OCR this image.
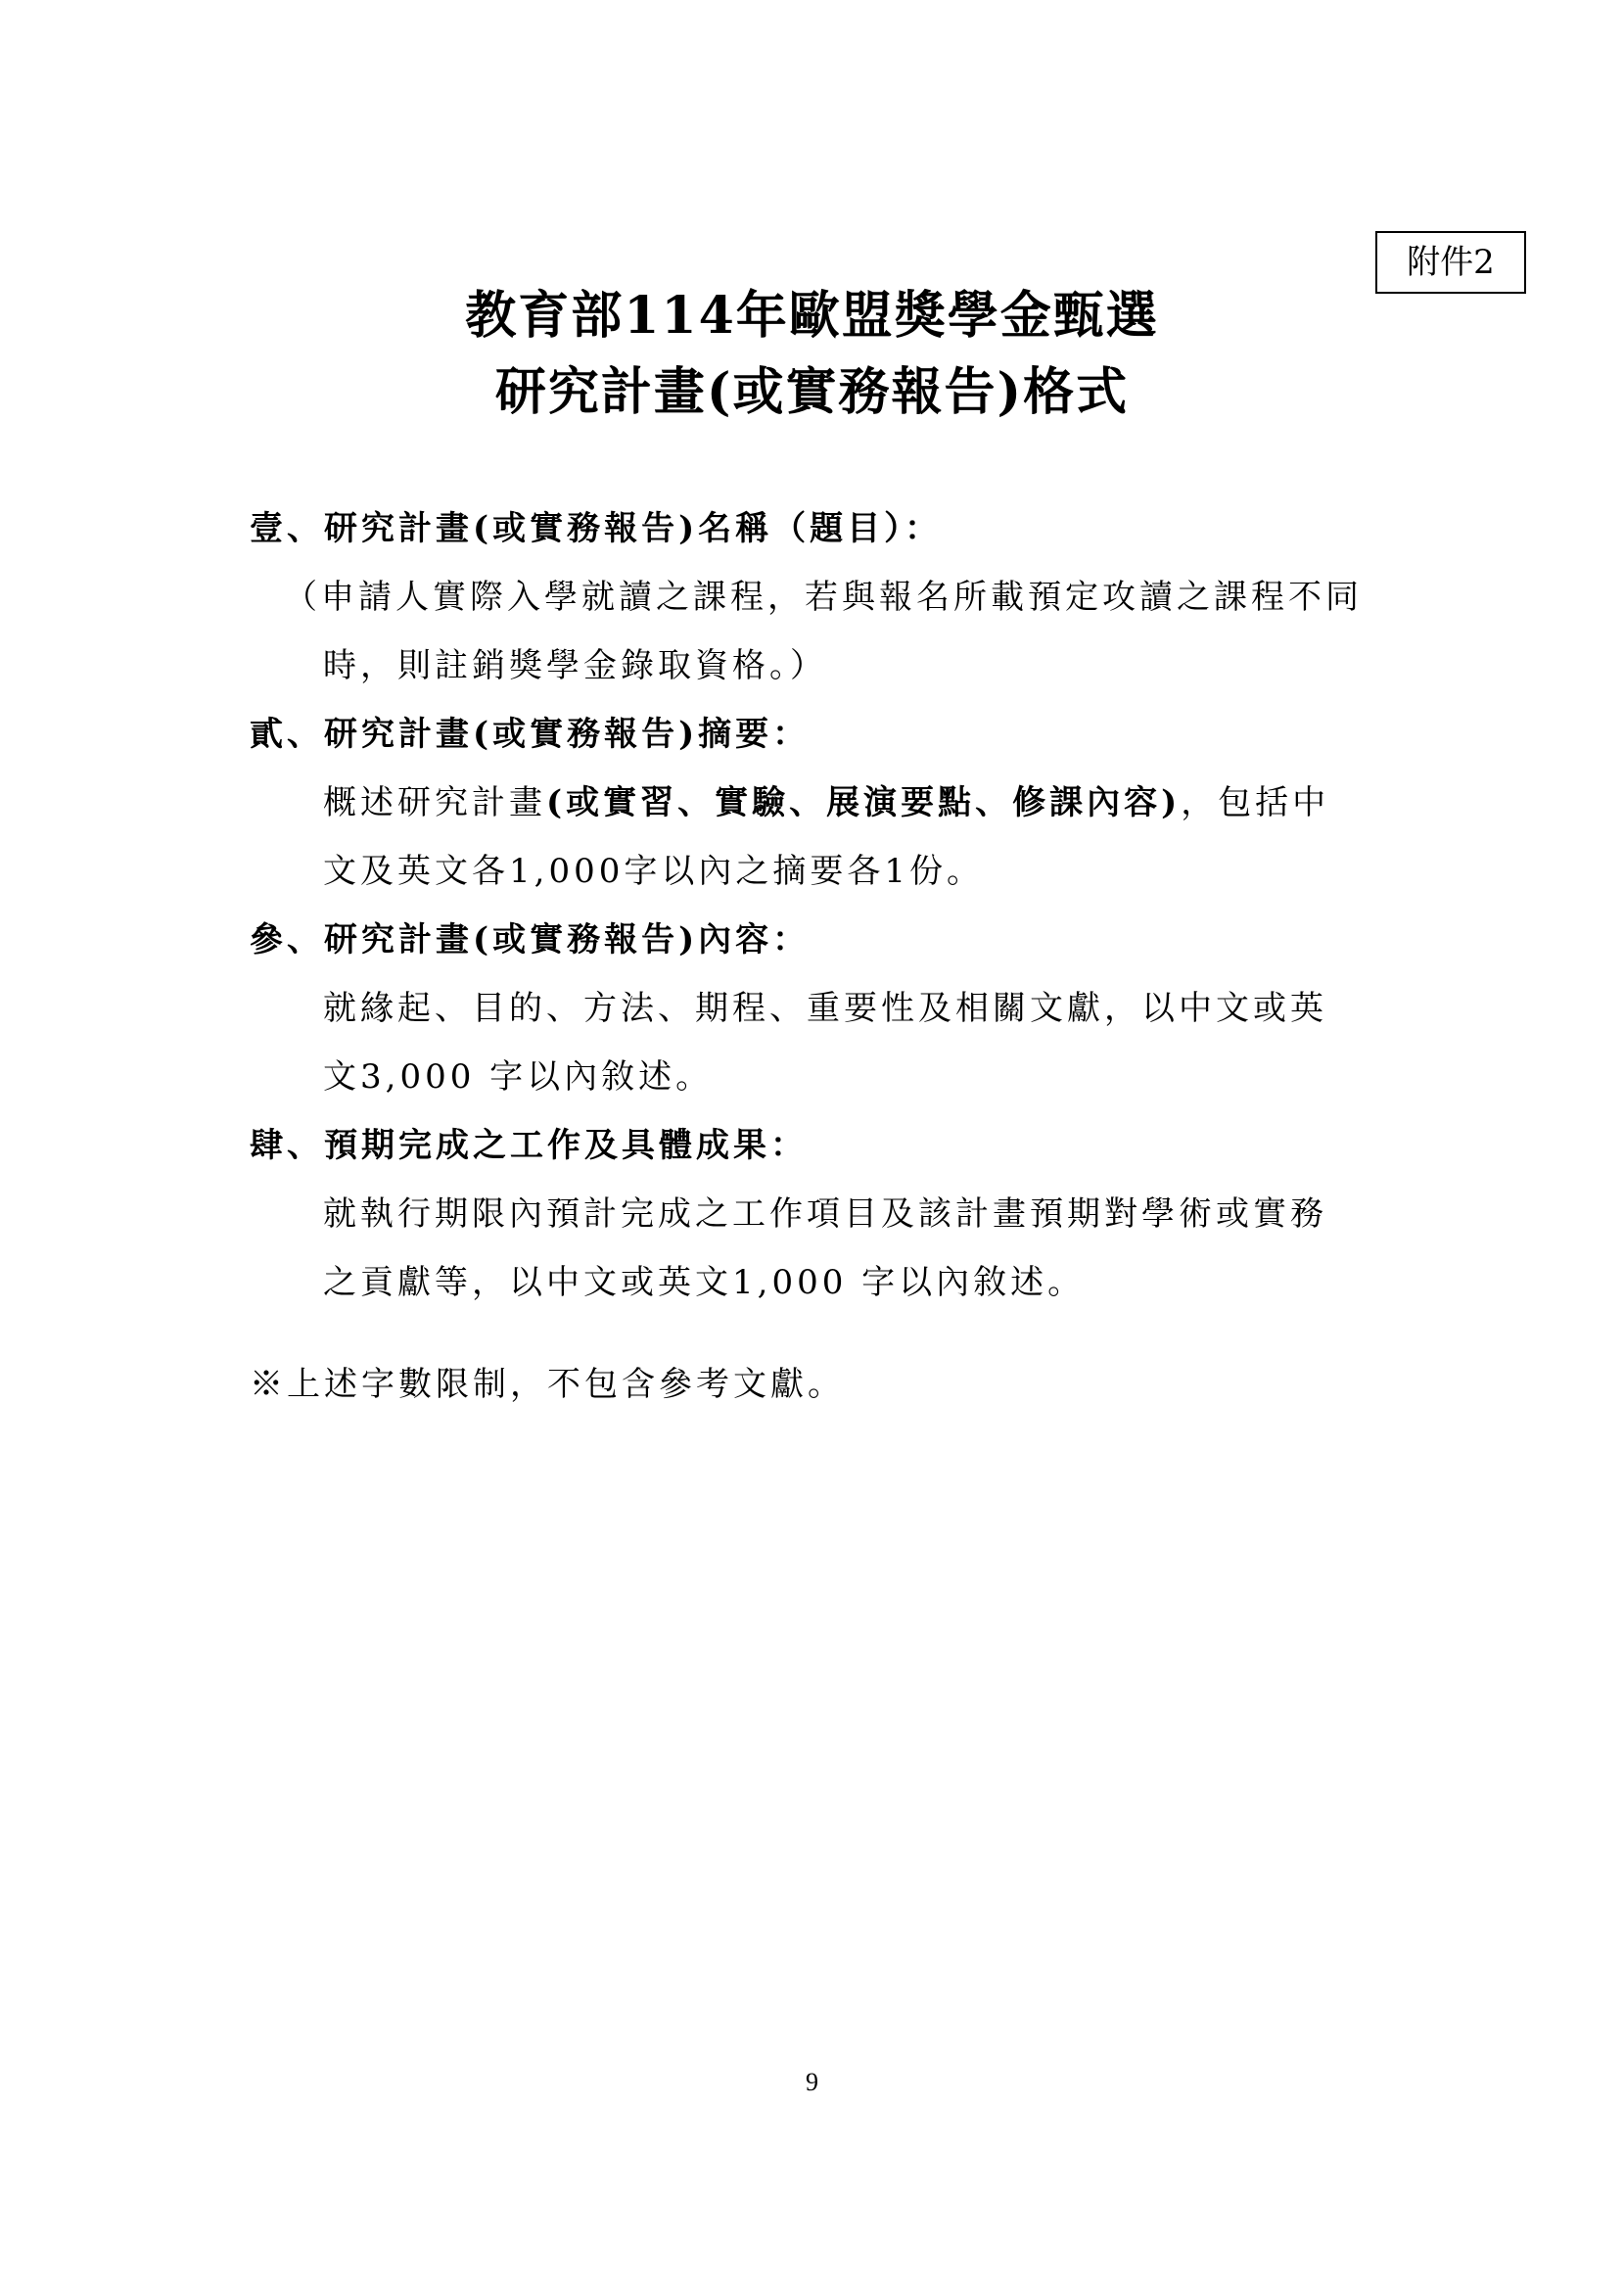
附件2
教育部114年歐盟獎學金甄選
研究計畫(或實務報告)格式
壹、研究計畫(或實務報告)名稱（題目）：
（申請人實際入學就讀之課程，若與報名所載預定攻讀之課程不同
時，則註銷獎學金錄取資格。）
貳、研究計畫(或實務報告)摘要：
概述研究計畫(或實習、實驗、展演要點、修課內容)，包括中
文及英文各1,000字以內之摘要各1份。
參、研究計畫(或實務報告)內容：
就緣起、目的、方法、期程、重要性及相關文獻，以中文或英
文3,000 字以內敘述。
肆、預期完成之工作及具體成果：
就執行期限內預計完成之工作項目及該計畫預期對學術或實務
之貢獻等，以中文或英文1,000 字以內敘述。
※上述字數限制，不包含參考文獻。
9
